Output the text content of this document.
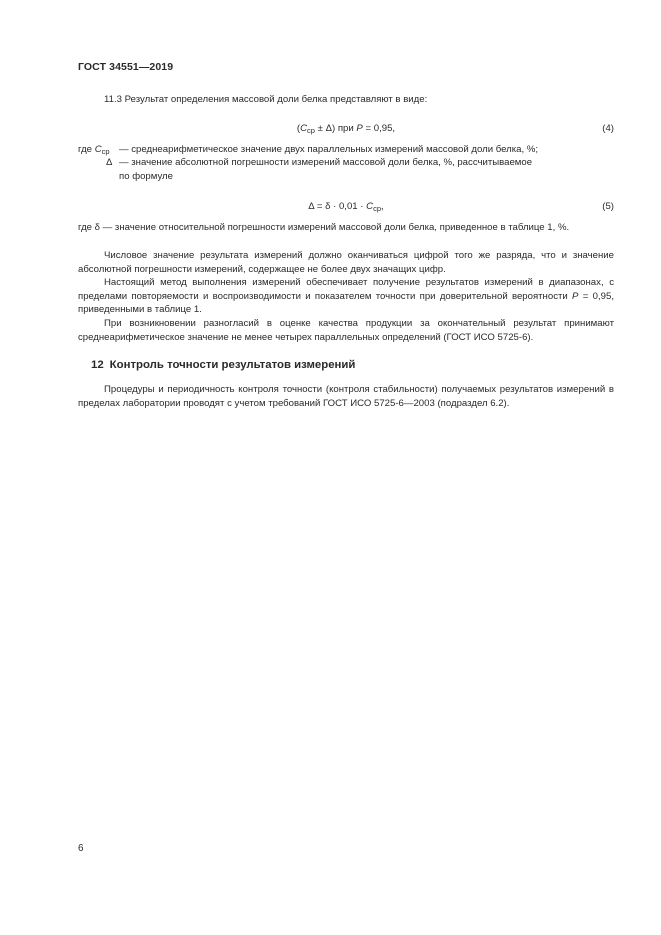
ГОСТ 34551—2019

11.3 Результат определения массовой доли белка представляют в виде:

$(C_{ср} \pm \Delta)$ при P = 0,95,	(4)
где $C_{ср}$ — среднеарифметическое значение двух параллельных измерений массовой доли белка, %;
Δ — значение абсолютной погрешности измерений массовой доли белка, %, рассчитываемое
по формуле
$\Delta = \delta \cdot 0,01 \cdot C_{ср}$,	(5)

где δ — значение относительной погрешности измерений массовой доли белка, приведенное в таблице 1, %.

Числовое значение результата измерений должно оканчиваться цифрой того же разряда, что и значение абсолютной погрешности измерений, содержащее не более двух значащих цифр.

Настоящий метод выполнения измерений обеспечивает получение результатов измерений в диапазонах, с пределами повторяемости и воспроизводимости и показателем точности при доверительной вероятности P = 0,95, приведенными в таблице 1.

При возникновении разногласий в оценке качества продукции за окончательный результат принимают среднеарифметическое значение не менее четырех параллельных определений (ГОСТ ИСО 5725-6).

12 Контроль точности результатов измерений

Процедуры и периодичность контроля точности (контроля стабильности) получаемых результатов измерений в пределах лаборатории проводят с учетом требований ГОСТ ИСО 5725-6—2003 (подраздел 6.2).

6
